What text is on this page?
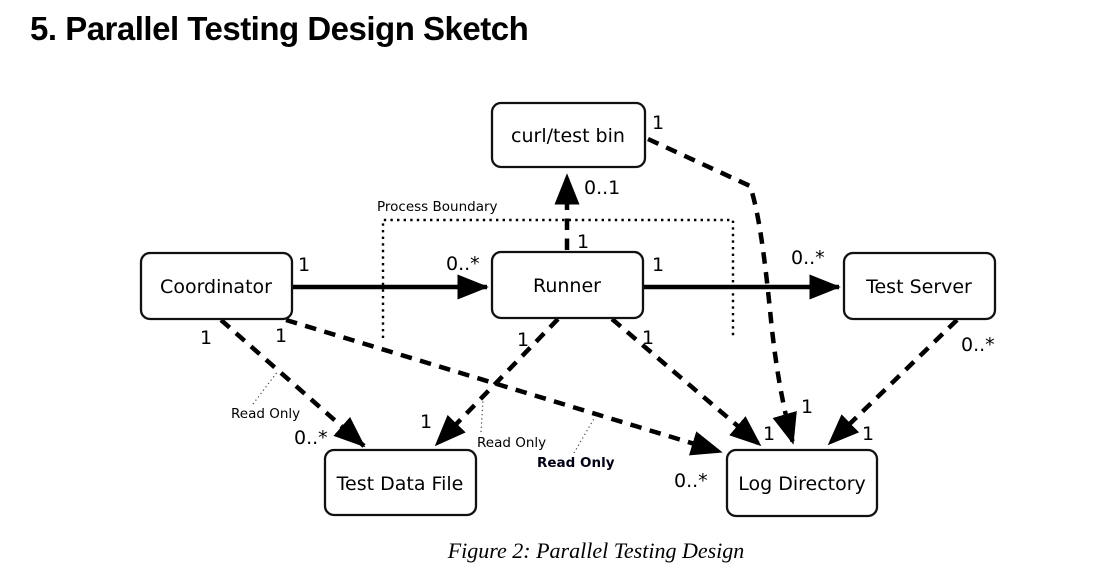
5. Parallel Testing Design Sketch
Process Boundary
curl/test bin
Coordinator	Runner	Test Server
Test Data File	Log Directory
1	0..*	1	0..*
1
0..1
1
1
1
0..*
1
0..*
1
1
1
1
0..*
1
Read Only
Read Only
Read Only
Figure 2: Parallel Testing Design
